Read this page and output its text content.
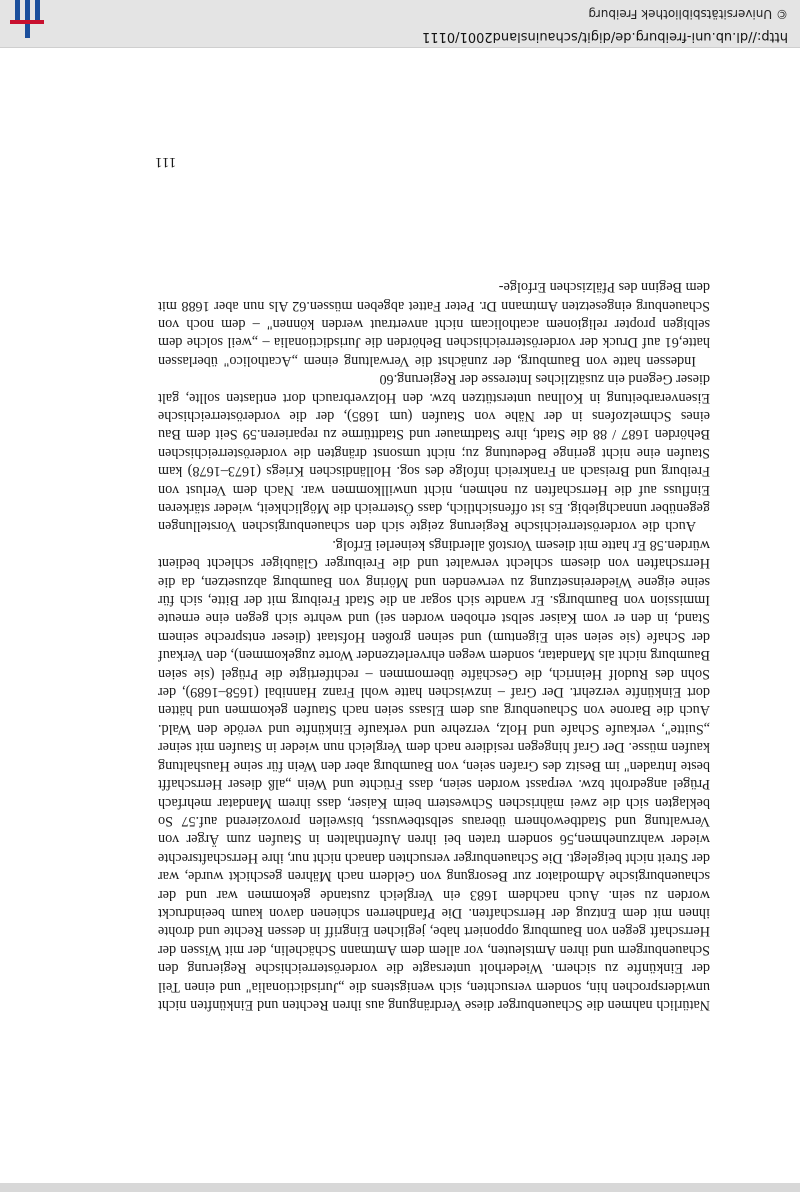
Natürlich nahmen die Schauenburger diese Verdrängung aus ihren Rechten und Einkünften nicht unwidersprochen hin, sondern versuchten, sich wenigstens die „Jurisdictionalia" und einen Teil der Einkünfte zu sichern. Wiederholt untersagte die vorderösterreichische Regierung den Schauenburgern und ihren Amtsleuten, vor allem dem Amtmann Schächelin, der mit Wissen der Herrschaft gegen von Baumburg opponiert habe, jeglichen Eingriff in dessen Rechte und drohte ihnen mit dem Entzug der Herrschaften. Die Pfandherren schienen davon kaum beeindruckt worden zu sein. Auch nachdem 1683 ein Vergleich zustande gekommen war und der schauenburgische Admodiator zur Besorgung von Geldern nach Mähren geschickt wurde, war der Streit nicht beigelegt. Die Schauenburger versuchten danach nicht nur, ihre Herrschaftsrechte wieder wahrzunehmen,56 sondern traten bei ihren Aufenthalten in Staufen zum Ärger von Verwaltung und Stadtbewohnern überaus selbstbewusst, bisweilen provozierend auf.57 So beklagten sich die zwei mährischen Schwestern beim Kaiser, dass ihrem Mandatar mehrfach Prügel angedroht bzw. verpasst worden seien, dass Früchte und Wein „alß dieser Herrschafft beste Intraden" im Besitz des Grafen seien, von Baumburg aber den Wein für seine Haushaltung kaufen müsse. Der Graf hingegen residiere nach dem Vergleich nun wieder in Staufen mit seiner „Suitte", verkaufe Schafe und Holz, verzehre und verkaufe Einkünfte und veröde den Wald. Auch die Barone von Schauenburg aus dem Elsass seien nach Staufen gekommen und hätten dort Einkünfte verzehrt. Der Graf – inzwischen hatte wohl Franz Hannibal (1658–1689), der Sohn des Rudolf Heinrich, die Geschäfte übernommen – rechtfertigte die Prügel (sie seien Baumburg nicht als Mandatar, sondern wegen ehrverletzender Worte zugekommen), den Verkauf der Schafe (sie seien sein Eigentum) und seinen großen Hofstaat (dieser entspreche seinem Stand, in den er vom Kaiser selbst erhoben worden sei) und wehrte sich gegen eine erneute Immission von Baumburgs. Er wandte sich sogar an die Stadt Freiburg mit der Bitte, sich für seine eigene Wiedereinsetzung zu verwenden und Möring von Baumburg abzusetzen, da die Herrschaften von diesem schlecht verwaltet und die Freiburger Gläubiger schlecht bedient würden.58 Er hatte mit diesem Vorstoß allerdings keinerlei Erfolg.

Auch die vorderösterreichische Regierung zeigte sich den schauenburgischen Vorstellungen gegenüber unnachgiebig. Es ist offensichtlich, dass Österreich die Möglichkeit, wieder stärkeren Einfluss auf die Herrschaften zu nehmen, nicht unwillkommen war. Nach dem Verlust von Freiburg und Breisach an Frankreich infolge des sog. Holländischen Kriegs (1673–1678) kam Staufen eine nicht geringe Bedeutung zu; nicht umsonst drängten die vorderösterreichischen Behörden 1687 / 88 die Stadt, ihre Stadtmauer und Stadttürme zu reparieren.59 Seit dem Bau eines Schmelzofens in der Nähe von Staufen (um 1685), der die vorderösterreichische Eisenverarbeitung in Kollnau unterstützen bzw. den Holzverbrauch dort entlasten sollte, galt dieser Gegend ein zusätzliches Interesse der Regierung.60

Indessen hatte von Baumburg, der zunächst die Verwaltung einem „Acatholico" überlassen hatte,61 auf Druck der vorderösterreichischen Behörden die Jurisdictionalia – „weil solche dem selbigen propter religionem acatholicam nicht anvertraut werden können" – dem noch von Schauenburg eingesetzten Amtmann Dr. Peter Fattet abgeben müssen.62 Als nun aber 1688 mit dem Beginn des Pfälzischen Erfolge-

111
http://dl.ub.uni-freiburg.de/digit/schauinsland2001/0111
© Universitätsbibliothek Freiburg
